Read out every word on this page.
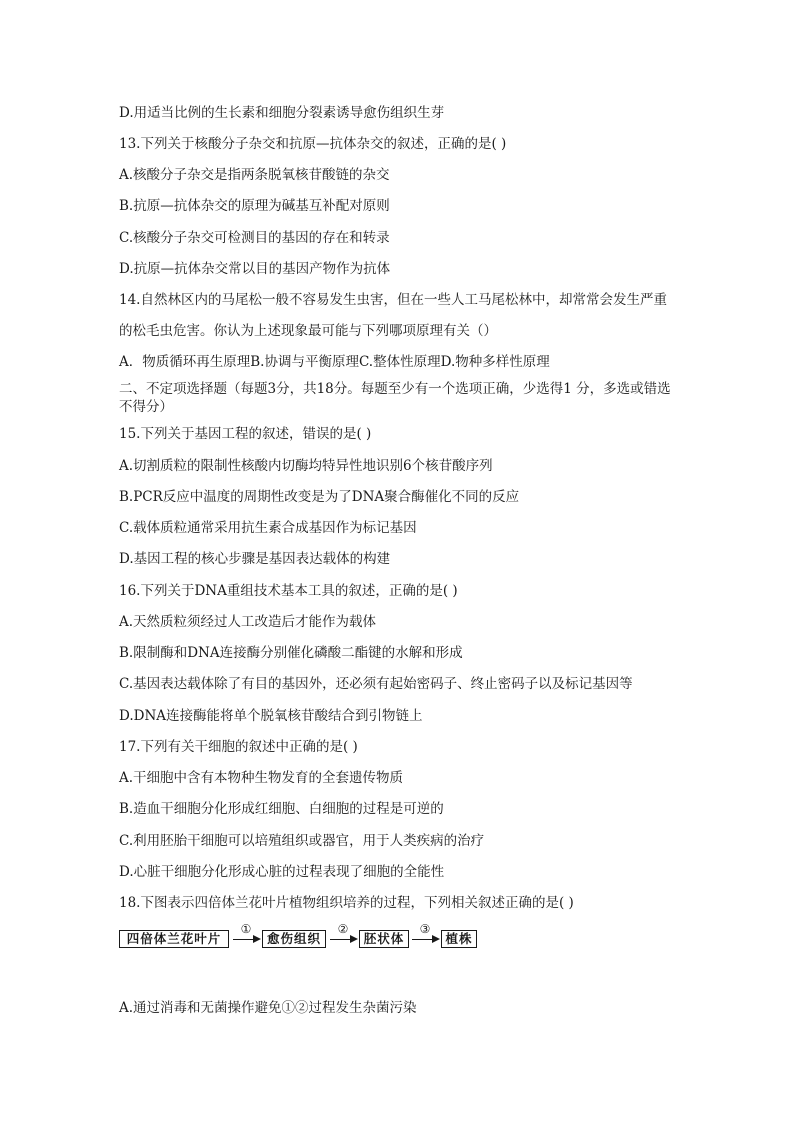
D.用适当比例的生长素和细胞分裂素诱导愈伤组织生芽
13.下列关于核酸分子杂交和抗原—抗体杂交的叙述，正确的是( )
A.核酸分子杂交是指两条脱氧核苷酸链的杂交
B.抗原—抗体杂交的原理为碱基互补配对原则
C.核酸分子杂交可检测目的基因的存在和转录
D.抗原—抗体杂交常以目的基因产物作为抗体
14.自然林区内的马尾松一般不容易发生虫害，但在一些人工马尾松林中，却常常会发生严重
的松毛虫危害。你认为上述现象最可能与下列哪项原理有关（）
A．物质循环再生原理B.协调与平衡原理C.整体性原理D.物种多样性原理
二、不定项选择题（每题3分，共18分。每题至少有一个选项正确，少选得1 分，多选或错选不得分）
15.下列关于基因工程的叙述，错误的是( )
A.切割质粒的限制性核酸内切酶均特异性地识别6个核苷酸序列
B.PCR反应中温度的周期性改变是为了DNA聚合酶催化不同的反应
C.载体质粒通常采用抗生素合成基因作为标记基因
D.基因工程的核心步骤是基因表达载体的构建
16.下列关于DNA重组技术基本工具的叙述，正确的是( )
A.天然质粒须经过人工改造后才能作为载体
B.限制酶和DNA连接酶分别催化磷酸二酯键的水解和形成
C.基因表达载体除了有目的基因外，还必须有起始密码子、终止密码子以及标记基因等
D.DNA连接酶能将单个脱氧核苷酸结合到引物链上
17.下列有关干细胞的叙述中正确的是( )
A.干细胞中含有本物种生物发育的全套遗传物质
B.造血干细胞分化形成红细胞、白细胞的过程是可逆的
C.利用胚胎干细胞可以培殖组织或器官，用于人类疾病的治疗
D.心脏干细胞分化形成心脏的过程表现了细胞的全能性
18.下图表示四倍体兰花叶片植物组织培养的过程，下列相关叙述正确的是( )
四倍体兰花叶片
①
愈伤组织
②
胚状体
③
植株
A.通过消毒和无菌操作避免①②过程发生杂菌污染
